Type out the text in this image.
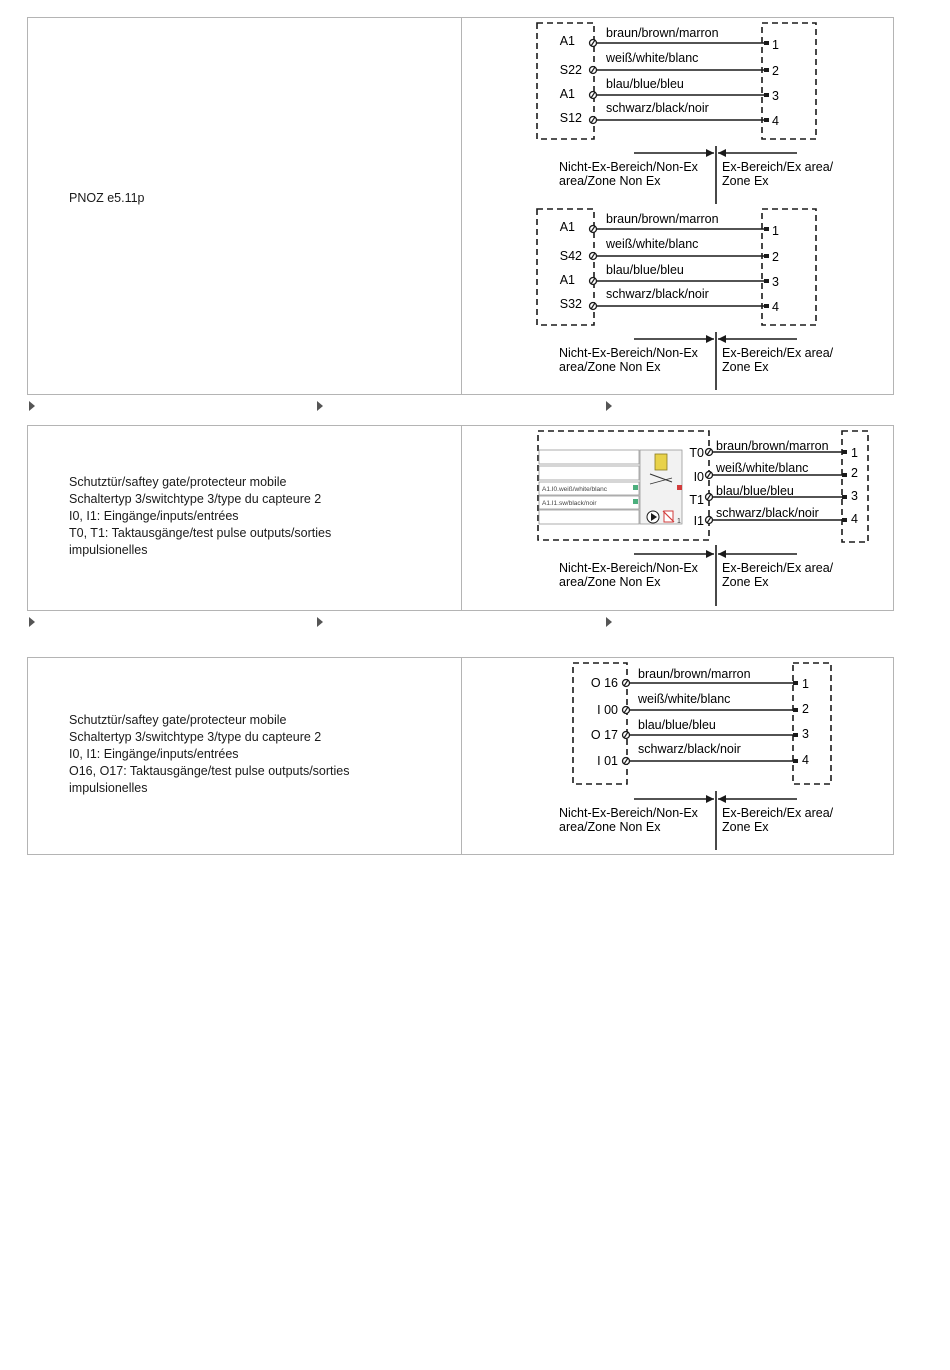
PNOZ e5.11p
A1
S22
A1
S12
braun/brown/marron
weiß/white/blanc
blau/blue/bleu
schwarz/black/noir
1
2
3
4
Nicht-Ex-Bereich/Non-Ex
area/Zone Non Ex
Ex-Bereich/Ex area/
Zone Ex
A1
S42
A1
S32
braun/brown/marron
weiß/white/blanc
blau/blue/bleu
schwarz/black/noir
1
2
3
4
Nicht-Ex-Bereich/Non-Ex
area/Zone Non Ex
Ex-Bereich/Ex area/
Zone Ex
Schutztür/saftey gate/protecteur mobile
Schaltertyp 3/switchtype 3/type du capteure 2
I0, I1: Eingänge/inputs/entrées
T0, T1: Taktausgänge/test pulse outputs/sorties
impulsionelles
A1.I0.weiß/white/blanc
A1.I1.sw/black/noir
1
T0
I0
T1
I1
braun/brown/marron
weiß/white/blanc
blau/blue/bleu
schwarz/black/noir
1
2
3
4
Nicht-Ex-Bereich/Non-Ex
area/Zone Non Ex
Ex-Bereich/Ex area/
Zone Ex
Schutztür/saftey gate/protecteur mobile
Schaltertyp 3/switchtype 3/type du capteure 2
I0, I1: Eingänge/inputs/entrées
O16, O17: Taktausgänge/test pulse outputs/sorties
impulsionelles
O 16
I 00
O 17
I 01
braun/brown/marron
weiß/white/blanc
blau/blue/bleu
schwarz/black/noir
1
2
3
4
Nicht-Ex-Bereich/Non-Ex
area/Zone Non Ex
Ex-Bereich/Ex area/
Zone Ex
